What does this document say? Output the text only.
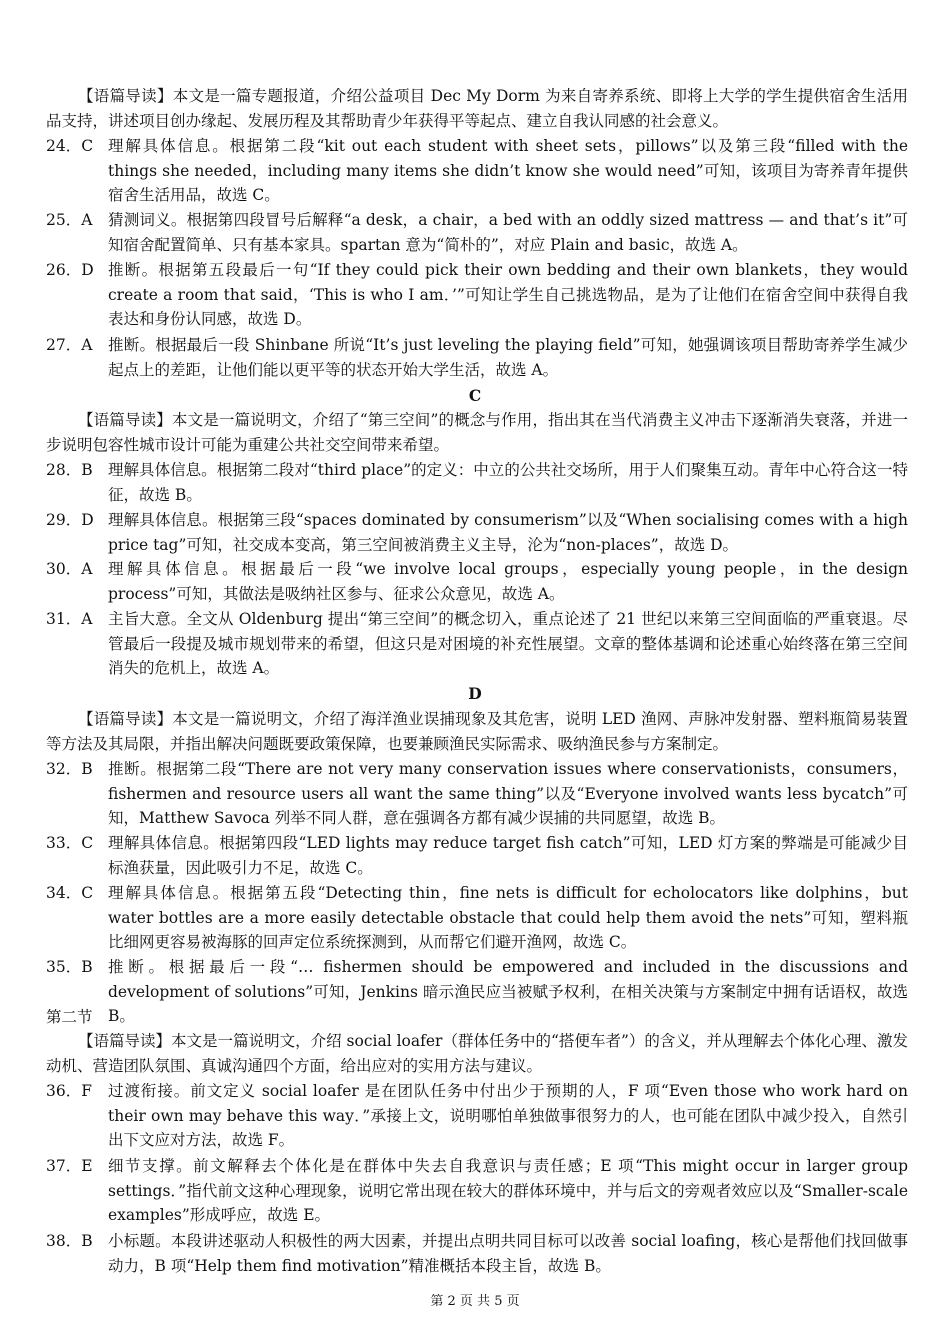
【语篇导读】本文是一篇专题报道，介绍公益项目 Dec My Dorm 为来自寄养系统、即将上大学的学生提供宿舍生活用品支持，讲述项目创办缘起、发展历程及其帮助青少年获得平等起点、建立自我认同感的社会意义。

24．C 理解具体信息。根据第二段“kit out each student with sheet sets，pillows”以及第三段“filled with the things she needed，including many items she didn’t know she would need”可知，该项目为寄养青年提供宿舍生活用品，故选 C。
25．A	猜测词义。根据第四段冒号后解释“a desk，a chair，a bed with an oddly sized mattress — and that’s it”可知宿舍配置简单、只有基本家具。spartan 意为“简朴的”，对应 Plain and basic，故选 A。
26．D 推断。根据第五段最后一句“If they could pick their own bedding and their own blankets，they would create a room that said，‘This is who I am．’”可知让学生自己挑选物品，是为了让他们在宿舍空间中获得自我表达和身份认同感，故选 D。
27．A	推断。根据最后一段 Shinbane 所说“It’s just leveling the playing field”可知，她强调该项目帮助寄养学生减少起点上的差距，让他们能以更平等的状态开始大学生活，故选 A。
C

【语篇导读】本文是一篇说明文，介绍了“第三空间”的概念与作用，指出其在当代消费主义冲击下逐渐消失衰落，并进一步说明包容性城市设计可能为重建公共社交空间带来希望。

28．B 理解具体信息。根据第二段对“third place”的定义：中立的公共社交场所，用于人们聚集互动。青年中心符合这一特征，故选 B。
29．D 理解具体信息。根据第三段“spaces dominated by consumerism”以及“When socialising comes with a high price tag”可知，社交成本变高，第三空间被消费主义主导，沦为“non-places”，故选 D。
30．A	理解具体信息。根据最后一段“we involve local groups，especially young people，in the design process”可知，其做法是吸纳社区参与、征求公众意见，故选 A。
31．A	主旨大意。全文从 Oldenburg 提出“第三空间”的概念切入，重点论述了 21 世纪以来第三空间面临的严重衰退。尽管最后一段提及城市规划带来的希望，但这只是对困境的补充性展望。文章的整体基调和论述重心始终落在第三空间消失的危机上，故选 A。
D

【语篇导读】本文是一篇说明文，介绍了海洋渔业误捕现象及其危害，说明 LED 渔网、声脉冲发射器、塑料瓶简易装置等方法及其局限，并指出解决问题既要政策保障，也要兼顾渔民实际需求、吸纳渔民参与方案制定。

32．B 推断。根据第二段“There are not very many conservation issues where conservationists，consumers，fishermen and resource users all want the same thing”以及“Everyone involved wants less bycatch”可知，Matthew Savoca 列举不同人群，意在强调各方都有减少误捕的共同愿望，故选 B。
33．C 理解具体信息。根据第四段“LED lights may reduce target fish catch”可知，LED 灯方案的弊端是可能减少目标渔获量，因此吸引力不足，故选 C。
34．C 理解具体信息。根据第五段“Detecting thin，fine nets is difficult for echolocators like dolphins，but water bottles are a more easily detectable obstacle that could help them avoid the nets”可知，塑料瓶比细网更容易被海豚的回声定位系统探测到，从而帮它们避开渔网，故选 C。
35．B 推断。根据最后一段“… fishermen should be empowered and included in the discussions and development of solutions”可知，Jenkins 暗示渔民应当被赋予权利，在相关决策与方案制定中拥有话语权，故选 B。
第二节

【语篇导读】本文是一篇说明文，介绍 social loafer（群体任务中的“搭便车者”）的含义，并从理解去个体化心理、激发动机、营造团队氛围、真诚沟通四个方面，给出应对的实用方法与建议。

36．F	过渡衔接。前文定义 social loafer 是在团队任务中付出少于预期的人，F 项“Even those who work hard on their own may behave this way．”承接上文，说明哪怕单独做事很努力的人，也可能在团队中减少投入，自然引出下文应对方法，故选 F。
37．E 细节支撑。前文解释去个体化是在群体中失去自我意识与责任感；E 项“This might occur in larger group settings．”指代前文这种心理现象，说明它常出现在较大的群体环境中，并与后文的旁观者效应以及“Smaller-scale examples”形成呼应，故选 E。
38．B 小标题。本段讲述驱动人积极性的两大因素，并提出点明共同目标可以改善 social loafing，核心是帮他们找回做事动力，B 项“Help them find motivation”精准概括本段主旨，故选 B。
第 2 页 共 5 页
